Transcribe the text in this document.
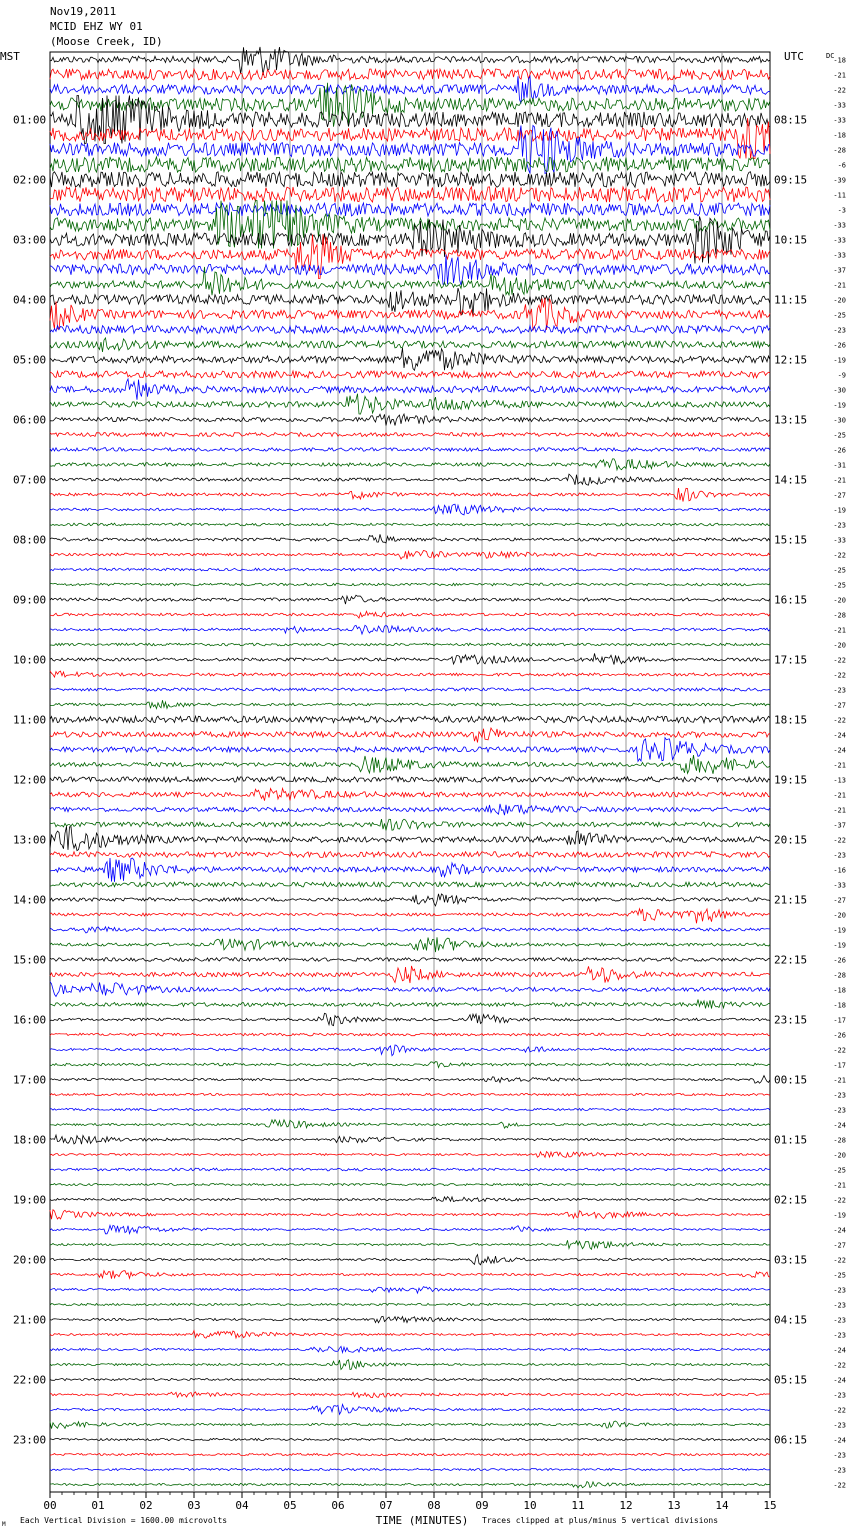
Nov19,2011
MCID EHZ WY 01
(Moose Creek, ID)
MST	UTC	DC
01:00	08:15
02:00	09:15
03:00	10:15
04:00	11:15
05:00	12:15
06:00	13:15
07:00	14:15
08:00	15:15
09:00	16:15
10:00	17:15
11:00	18:15
12:00	19:15
13:00	20:15
14:00	21:15
15:00	22:15
16:00	23:15
17:00	00:15
18:00	01:15
19:00	02:15
20:00	03:15
21:00	04:15
22:00	05:15
23:00	06:15
-18
-21
-22
-33
-33
-18
-28
-6
-39
-11
-3
-33
-33
-33
-37
-21
-20
-25
-23
-26
-19
-9
-30
-19
-30
-25
-26
-31
-21
-27
-19
-23
-33
-22
-25
-25
-20
-28
-21
-20
-22
-22
-23
-27
-22
-24
-24
-21
-13
-21
-21
-37
-22
-23
-16
-33
-27
-20
-19
-19
-26
-28
-18
-18
-17
-26
-22
-17
-21
-23
-23
-24
-28
-20
-25
-21
-22
-19
-24
-27
-22
-25
-23
-23
-23
-23
-24
-22
-24
-23
-22
-23
-24
-23
-23
-22
00	01	02	03	04	05	06	07	08	09	10	11	12	13	14	15
TIME (MINUTES)
Each Vertical Division = 1600.00 microvolts	Traces clipped at plus/minus 5 vertical divisions
M
